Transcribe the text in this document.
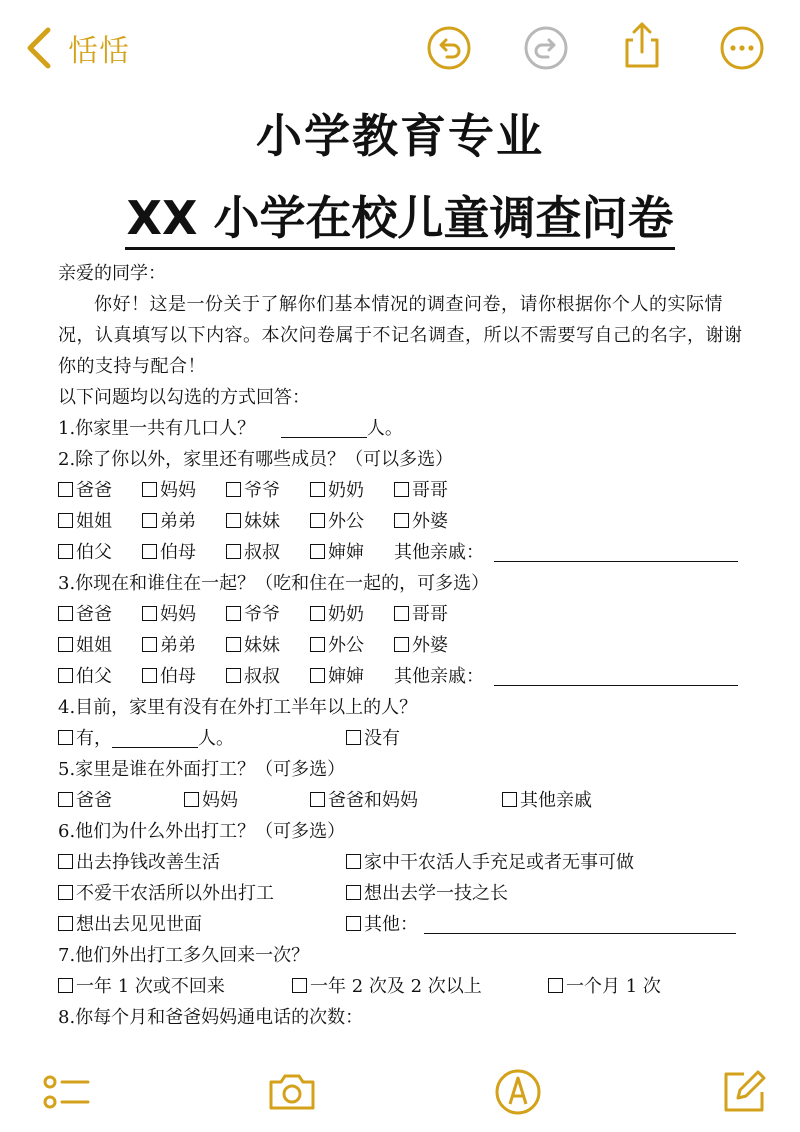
恬恬
小学教育专业
XX 小学在校儿童调查问卷
亲爱的同学：
你好！这是一份关于了解你们基本情况的调查问卷，请你根据你个人的实际情况，认真填写以下内容。本次问卷属于不记名调查，所以不需要写自己的名字，谢谢你的支持与配合！
以下问题均以勾选的方式回答：
1.你家里一共有几口人？	人。
2.除了你以外，家里还有哪些成员？（可以多选）
爸爸	妈妈	爷爷	奶奶	哥哥
姐姐	弟弟	妹妹	外公	外婆
伯父	伯母	叔叔	婶婶 其他亲戚：
3.你现在和谁住在一起？（吃和住在一起的，可多选）
爸爸	妈妈	爷爷	奶奶	哥哥
姐姐	弟弟	妹妹	外公	外婆
伯父	伯母	叔叔	婶婶 其他亲戚：
4.目前，家里有没有在外打工半年以上的人？
有，	人。	没有
5.家里是谁在外面打工？（可多选）
爸爸	妈妈	爸爸和妈妈	其他亲戚
6.他们为什么外出打工？（可多选）
出去挣钱改善生活	家中干农活人手充足或者无事可做
不爱干农活所以外出打工	想出去学一技之长
想出去见见世面	其他：
7.他们外出打工多久回来一次？
一年 1 次或不回来	一年 2 次及 2 次以上	一个月 1 次
8.你每个月和爸爸妈妈通电话的次数：
